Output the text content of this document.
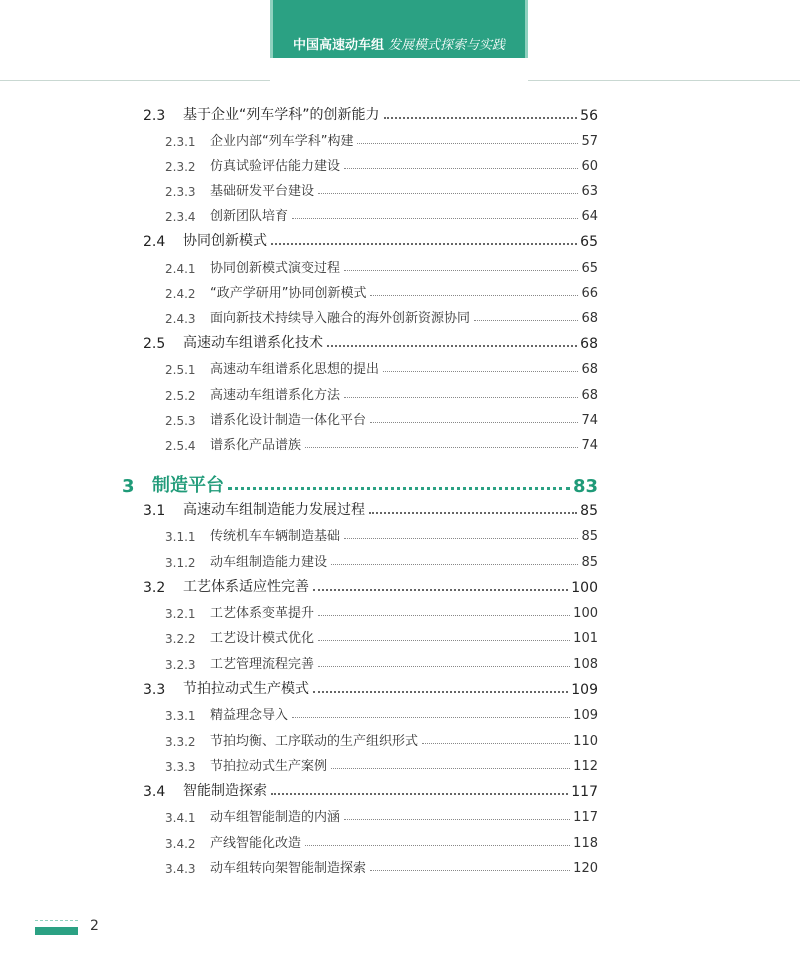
中国高速动车组 发展模式探索与实践
2.3	基于企业“列车学科”的创新能力	56
2.3.1	企业内部“列车学科”构建	57
2.3.2	仿真试验评估能力建设	60
2.3.3	基础研发平台建设	63
2.3.4	创新团队培育	64
2.4	协同创新模式	65
2.4.1	协同创新模式演变过程	65
2.4.2	“政产学研用”协同创新模式	66
2.4.3	面向新技术持续导入融合的海外创新资源协同	68
2.5	高速动车组谱系化技术	68
2.5.1	高速动车组谱系化思想的提出	68
2.5.2	高速动车组谱系化方法	68
2.5.3	谱系化设计制造一体化平台	74
2.5.4	谱系化产品谱族	74
3 制造平台	83
3.1	高速动车组制造能力发展过程	85
3.1.1	传统机车车辆制造基础	85
3.1.2	动车组制造能力建设	85
3.2	工艺体系适应性完善	100
3.2.1	工艺体系变革提升	100
3.2.2	工艺设计模式优化	101
3.2.3	工艺管理流程完善	108
3.3	节拍拉动式生产模式	109
3.3.1	精益理念导入	109
3.3.2	节拍均衡、工序联动的生产组织形式	110
3.3.3	节拍拉动式生产案例	112
3.4	智能制造探索	117
3.4.1	动车组智能制造的内涵	117
3.4.2	产线智能化改造	118
3.4.3	动车组转向架智能制造探索	120
2
